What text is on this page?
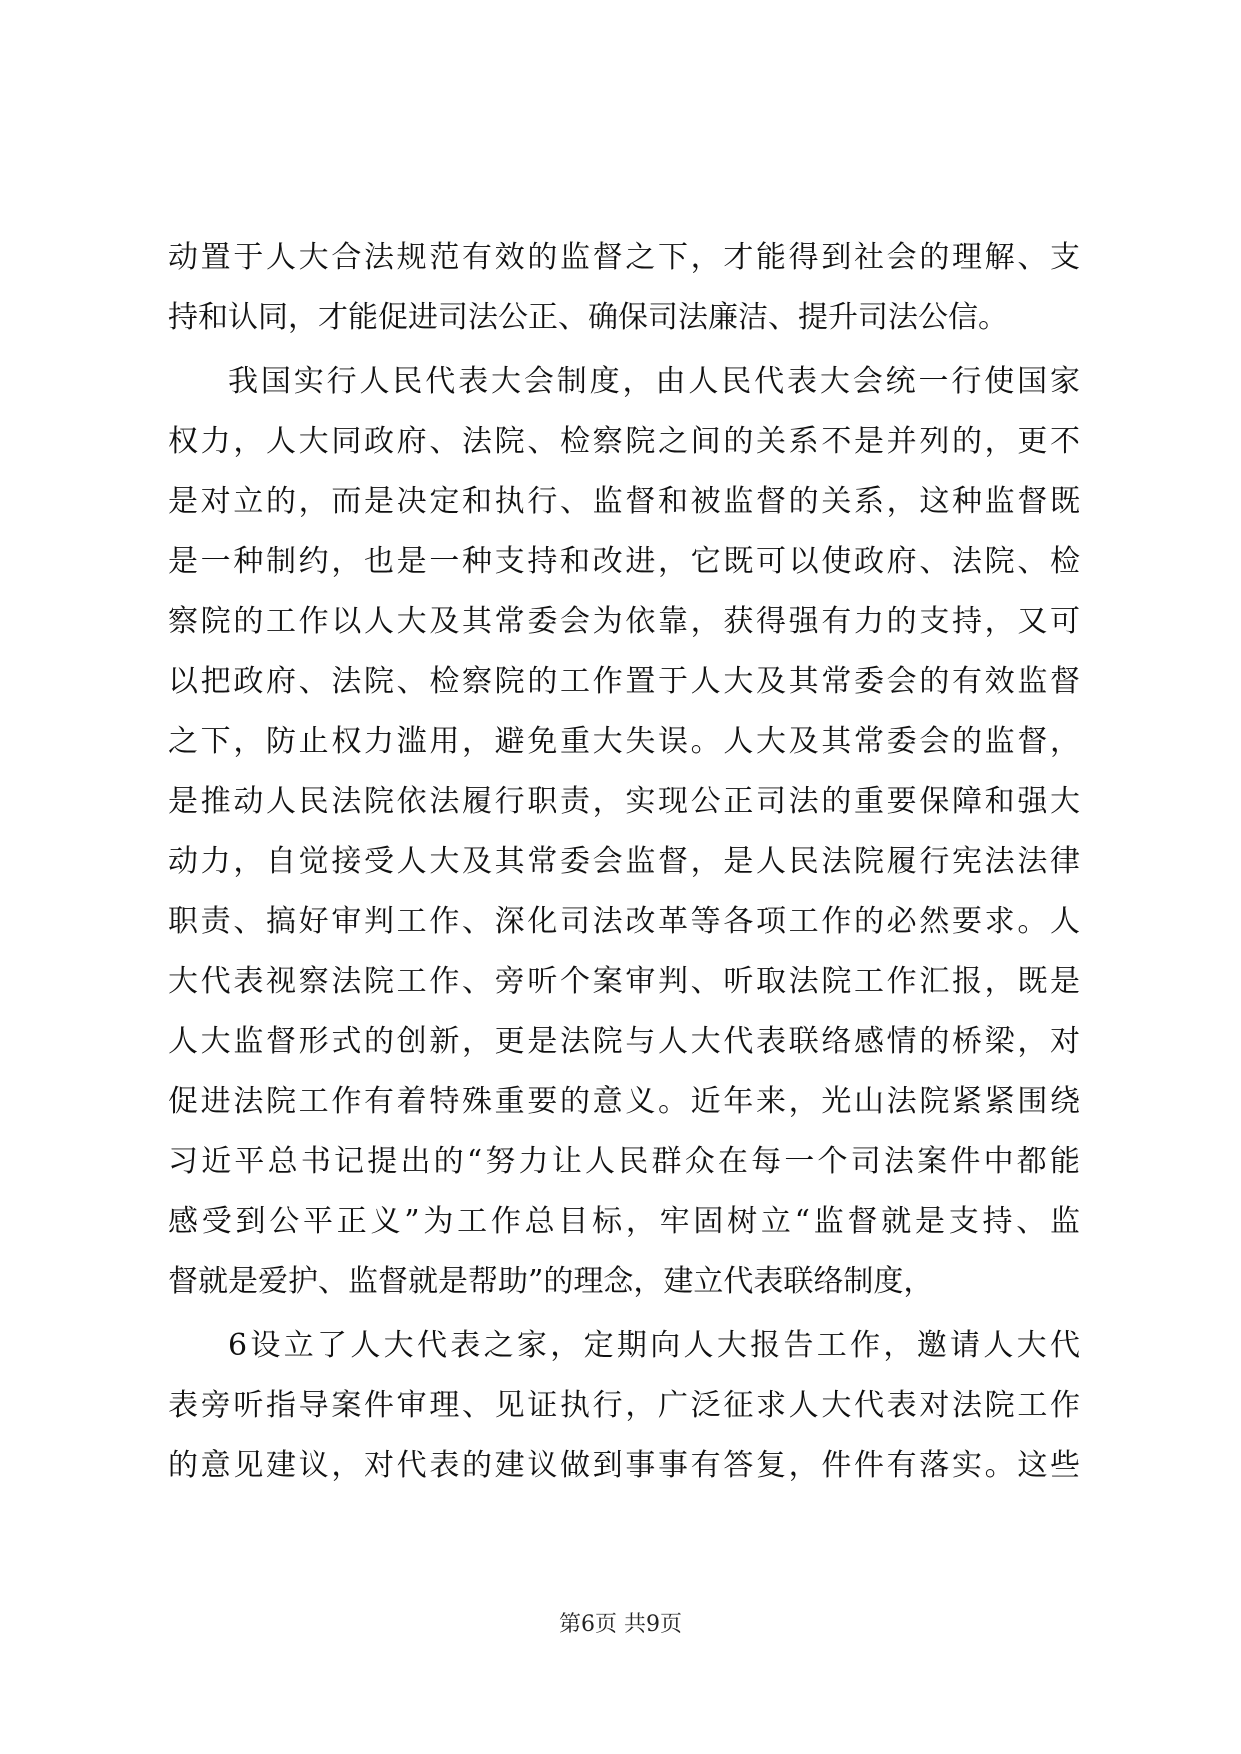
动置于人大合法规范有效的监督之下，才能得到社会的理解、支
持和认同，才能促进司法公正、确保司法廉洁、提升司法公信。
我国实行人民代表大会制度，由人民代表大会统一行使国家
权力，人大同政府、法院、检察院之间的关系不是并列的，更不
是对立的，而是决定和执行、监督和被监督的关系，这种监督既
是一种制约，也是一种支持和改进，它既可以使政府、法院、检
察院的工作以人大及其常委会为依靠，获得强有力的支持，又可
以把政府、法院、检察院的工作置于人大及其常委会的有效监督
之下，防止权力滥用，避免重大失误。人大及其常委会的监督，
是推动人民法院依法履行职责，实现公正司法的重要保障和强大
动力，自觉接受人大及其常委会监督，是人民法院履行宪法法律
职责、搞好审判工作、深化司法改革等各项工作的必然要求。人
大代表视察法院工作、旁听个案审判、听取法院工作汇报，既是
人大监督形式的创新，更是法院与人大代表联络感情的桥梁，对
促进法院工作有着特殊重要的意义。近年来，光山法院紧紧围绕
习近平总书记提出的“努力让人民群众在每一个司法案件中都能
感受到公平正义”为工作总目标，牢固树立“监督就是支持、监
督就是爱护、监督就是帮助”的理念，建立代表联络制度，
6设立了人大代表之家，定期向人大报告工作，邀请人大代
表旁听指导案件审理、见证执行，广泛征求人大代表对法院工作
的意见建议，对代表的建议做到事事有答复，件件有落实。这些
第6页 共9页
